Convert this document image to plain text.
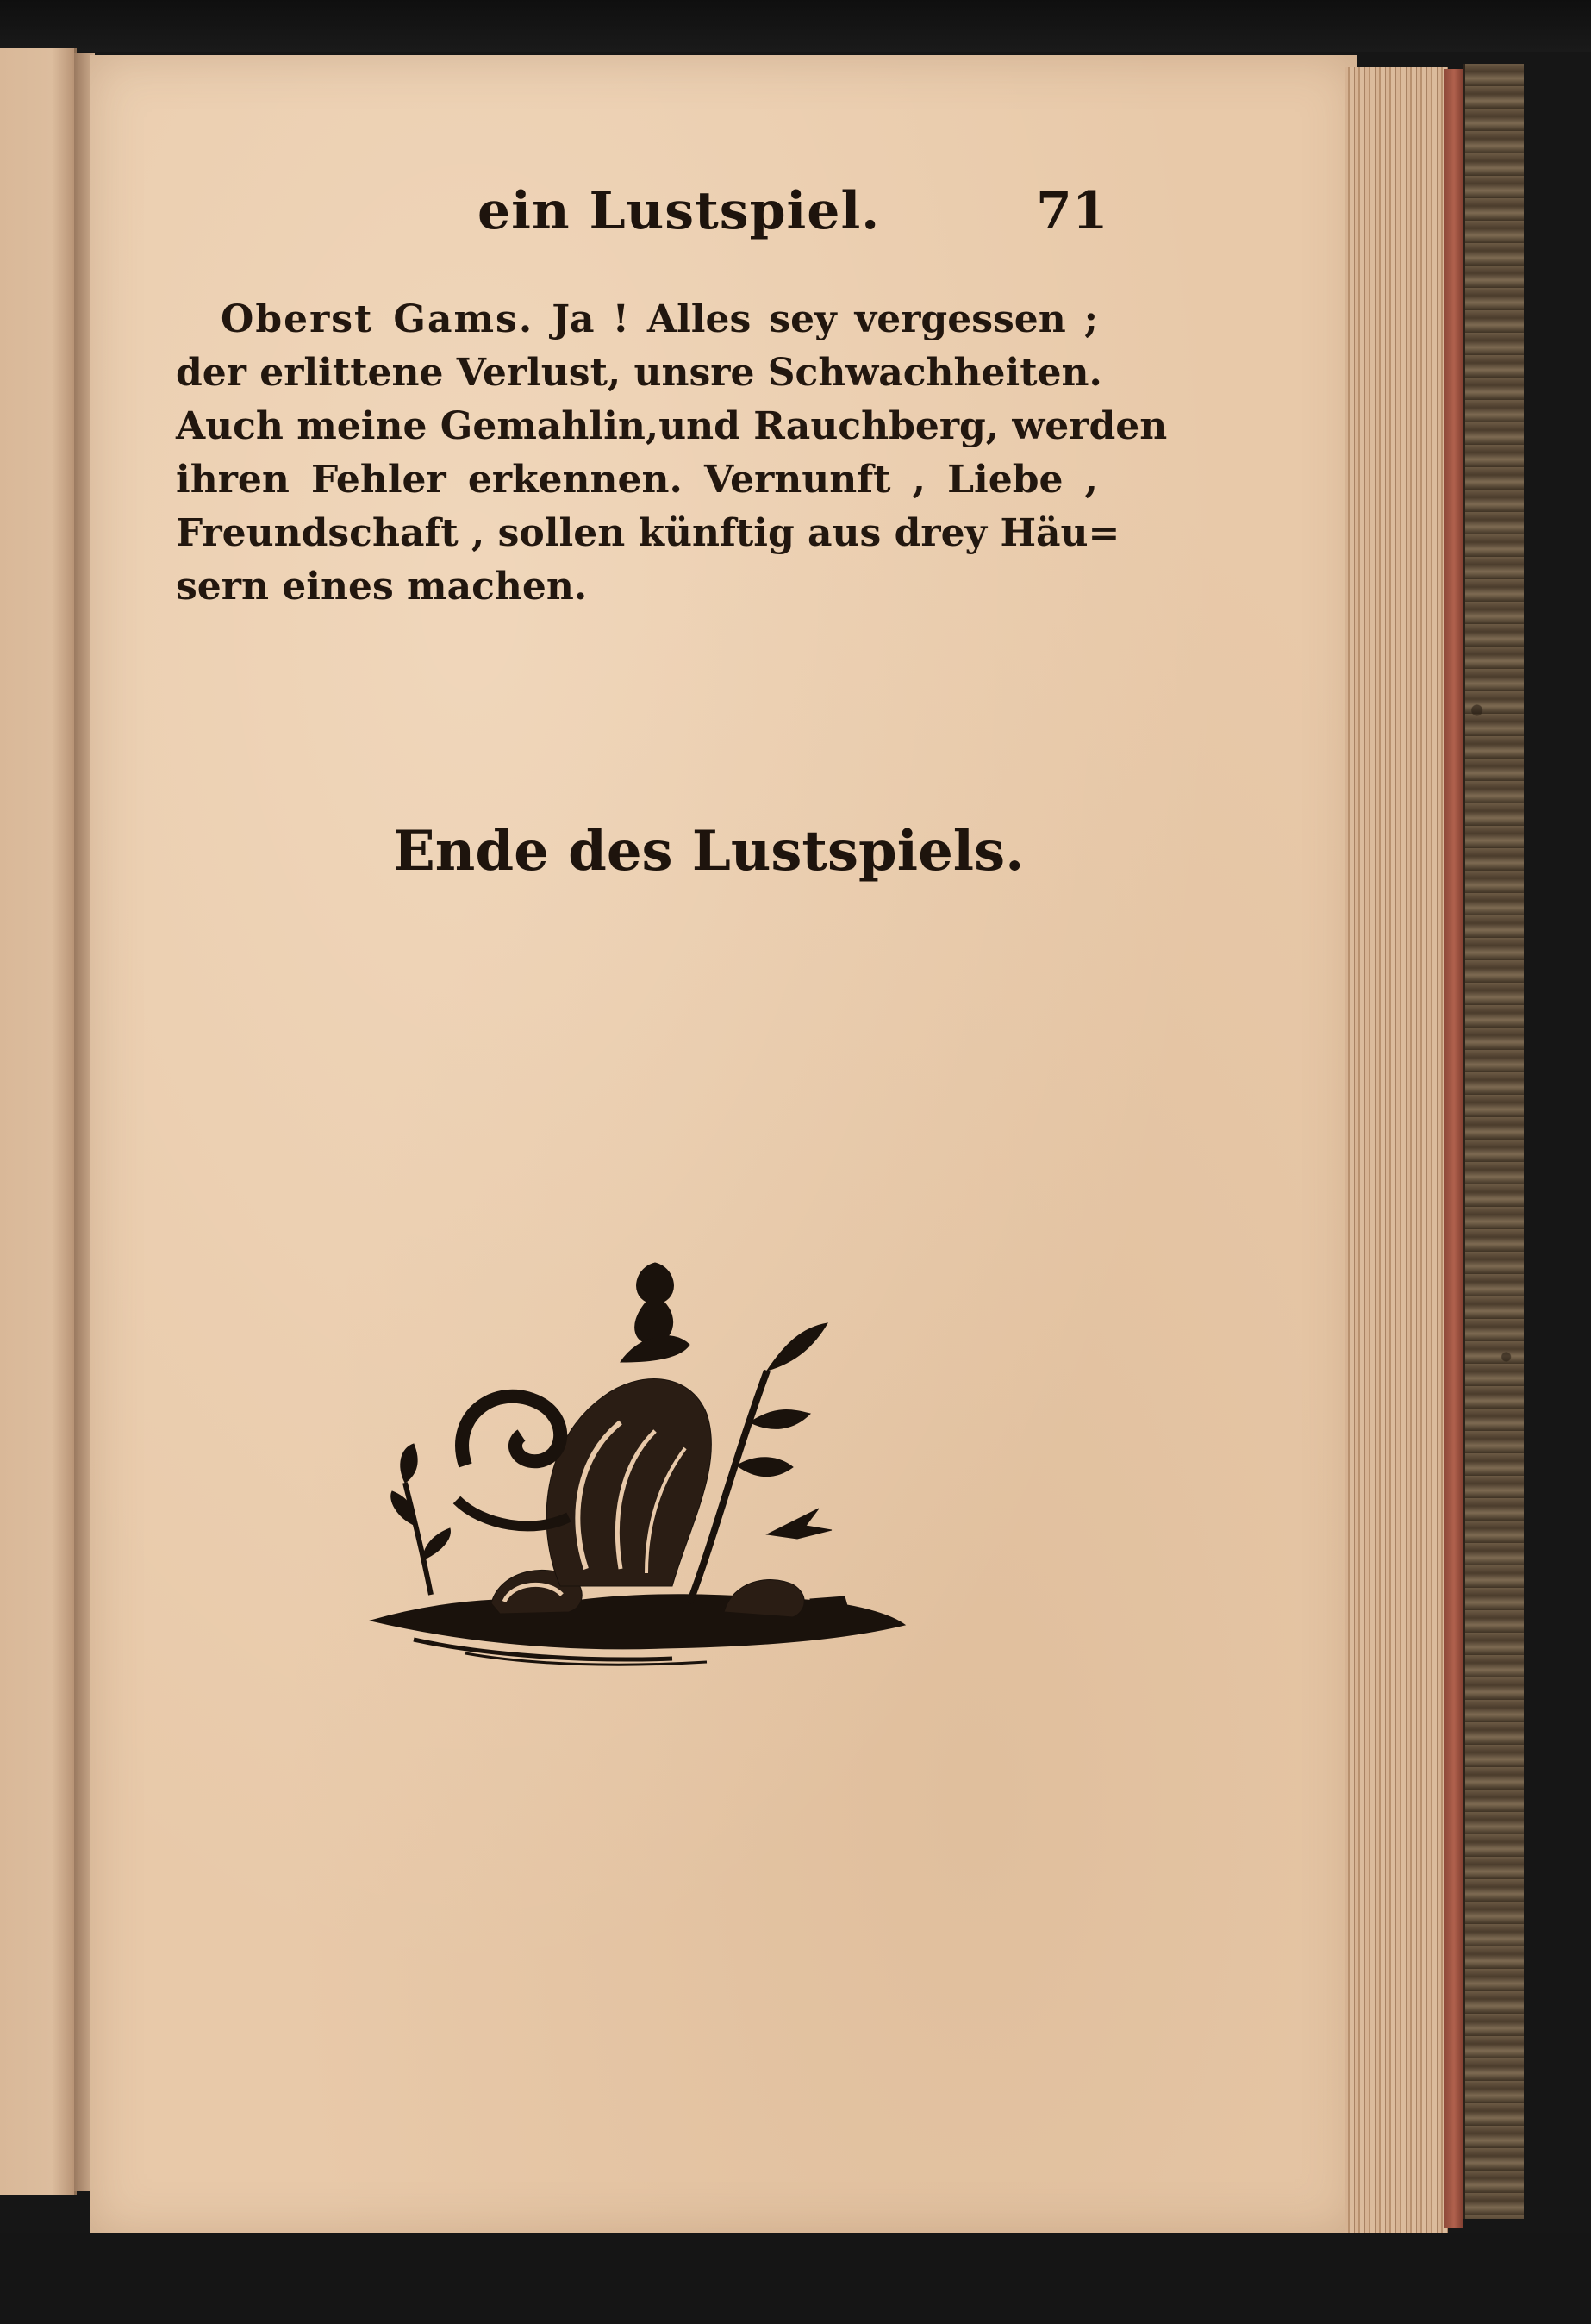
ein Lustspiel.	71
Oberst Gams. Ja ! Alles sey vergessen ;
der erlittene Verlust, unsre Schwachheiten.
Auch meine Gemahlin,und Rauchberg, werden
ihren Fehler erkennen. Vernunft , Liebe ,
Freundschaft , sollen künftig aus drey Häu=
sern eines machen.
Ende des Lustspiels.
